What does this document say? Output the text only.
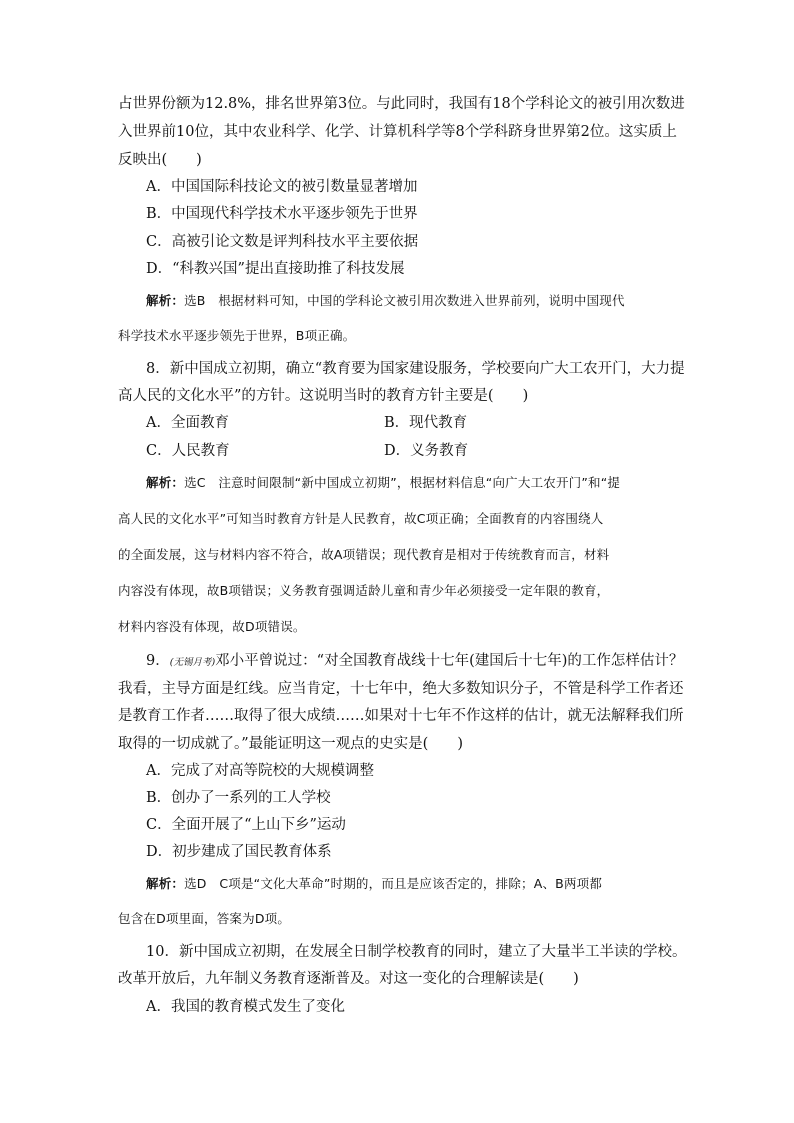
占世界份额为12.8%，排名世界第3位。与此同时，我国有18个学科论文的被引用次数进
入世界前10位，其中农业科学、化学、计算机科学等8个学科跻身世界第2位。这实质上
反映出(　　)
A．中国国际科技论文的被引数量显著增加
B．中国现代科学技术水平逐步领先于世界
C．高被引论文数是评判科技水平主要依据
D．“科教兴国”提出直接助推了科技发展
解析：选B　根据材料可知，中国的学科论文被引用次数进入世界前列，说明中国现代
科学技术水平逐步领先于世界，B项正确。
8．新中国成立初期，确立“教育要为国家建设服务，学校要向广大工农开门，大力提
高人民的文化水平”的方针。这说明当时的教育方针主要是(　　)
A．全面教育	B．现代教育
C．人民教育	D．义务教育
解析：选C　注意时间限制“新中国成立初期”，根据材料信息“向广大工农开门”和“提
高人民的文化水平”可知当时教育方针是人民教育，故C项正确；全面教育的内容围绕人
的全面发展，这与材料内容不符合，故A项错误；现代教育是相对于传统教育而言，材料
内容没有体现，故B项错误；义务教育强调适龄儿童和青少年必须接受一定年限的教育，
材料内容没有体现，故D项错误。
9．(无锡月考)邓小平曾说过：“对全国教育战线十七年(建国后十七年)的工作怎样估计？
我看，主导方面是红线。应当肯定，十七年中，绝大多数知识分子，不管是科学工作者还
是教育工作者……取得了很大成绩……如果对十七年不作这样的估计，就无法解释我们所
取得的一切成就了。”最能证明这一观点的史实是(　　)
A．完成了对高等院校的大规模调整
B．创办了一系列的工人学校
C．全面开展了“上山下乡”运动
D．初步建成了国民教育体系
解析：选D　C项是“文化大革命”时期的，而且是应该否定的，排除；A、B两项都
包含在D项里面，答案为D项。
10．新中国成立初期，在发展全日制学校教育的同时，建立了大量半工半读的学校。
改革开放后，九年制义务教育逐渐普及。对这一变化的合理解读是(　　)
A．我国的教育模式发生了变化
